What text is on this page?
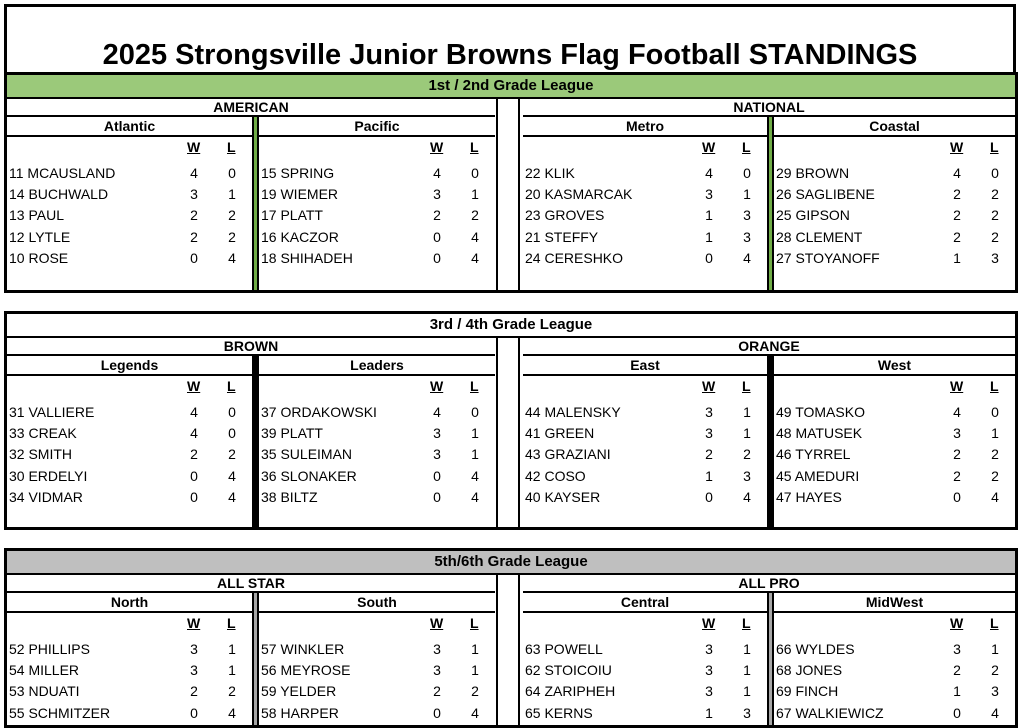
2025 Strongsville Junior Browns Flag Football STANDINGS
1st / 2nd Grade League
AMERICAN
Atlantic
W L
11 MCAUSLAND	4	0
14 BUCHWALD	3	1
13 PAUL	2	2
12 LYTLE	2	2
10 ROSE	0	4
Pacific
W L
15 SPRING	4	0
19 WIEMER	3	1
17 PLATT	2	2
16 KACZOR	0	4
18 SHIHADEH	0	4
NATIONAL
Metro
W L
22 KLIK	4	0
20 KASMARCAK	3	1
23 GROVES	1	3
21 STEFFY	1	3
24 CERESHKO	0	4
Coastal
W L
29 BROWN	4	0
26 SAGLIBENE	2	2
25 GIPSON	2	2
28 CLEMENT	2	2
27 STOYANOFF	1	3
3rd / 4th Grade League
BROWN
Legends
W L
31 VALLIERE	4	0
33 CREAK	4	0
32 SMITH	2	2
30 ERDELYI	0	4
34 VIDMAR	0	4
Leaders
W L
37 ORDAKOWSKI	4	0
39 PLATT	3	1
35 SULEIMAN	3	1
36 SLONAKER	0	4
38 BILTZ	0	4
ORANGE
East
W L
44 MALENSKY	3	1
41 GREEN	3	1
43 GRAZIANI	2	2
42 COSO	1	3
40 KAYSER	0	4
West
W L
49 TOMASKO	4	0
48 MATUSEK	3	1
46 TYRREL	2	2
45 AMEDURI	2	2
47 HAYES	0	4
5th/6th Grade League
ALL STAR
North
W L
52 PHILLIPS	3	1
54 MILLER	3	1
53 NDUATI	2	2
55 SCHMITZER	0	4
South
W L
57 WINKLER	3	1
56 MEYROSE	3	1
59 YELDER	2	2
58 HARPER	0	4
ALL PRO
Central
W L
63 POWELL	3	1
62 STOICOIU	3	1
64 ZARIPHEH	3	1
65 KERNS	1	3
MidWest
W L
66 WYLDES	3	1
68 JONES	2	2
69 FINCH	1	3
67 WALKIEWICZ	0	4
